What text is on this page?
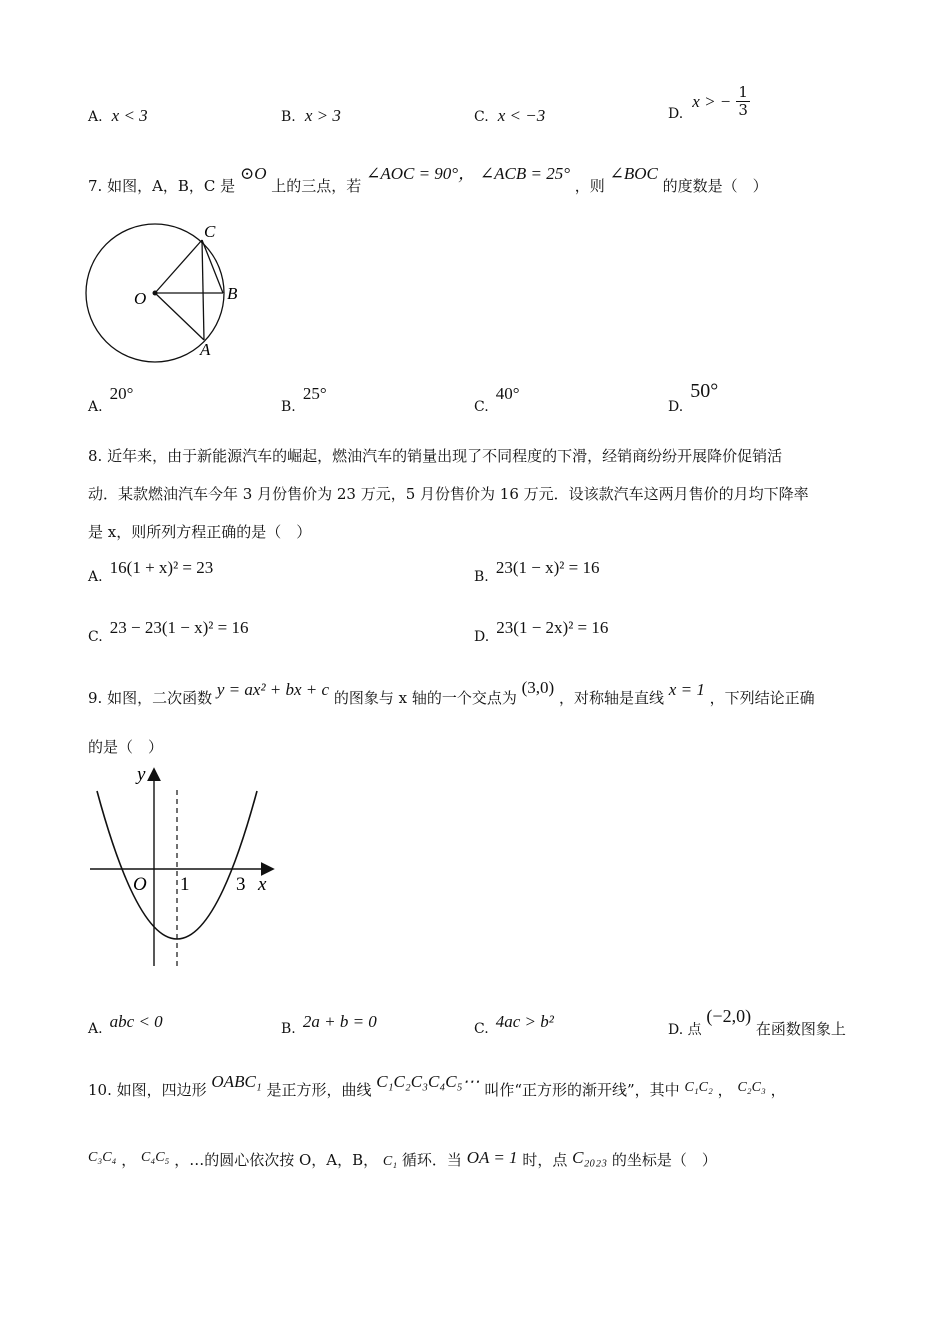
A. x < 3	B. x > 3	C. x < −3	D. x > − $\frac{1}{3}$
7. 如图，A，B，C 是 ⊙O 上的三点，若 ∠AOC = 90°， ∠ACB = 25° ，则 ∠BOC 的度数是（　）
C
O	B
A
A. 20°
B. 25°
C. 40°
D. 50°
8. 近年来，由于新能源汽车的崛起，燃油汽车的销量出现了不同程度的下滑，经销商纷纷开展降价促销活
动．某款燃油汽车今年 3 月份售价为 23 万元，5 月份售价为 16 万元．设该款汽车这两月售价的月均下降率
是 x，则所列方程正确的是（　）
A. 16(1 + x)² = 23	B. 23(1 − x)² = 16
C. 23 − 23(1 − x)² = 16	D. 23(1 − 2x)² = 16
9. 如图，二次函数 y = ax² + bx + c 的图象与 x 轴的一个交点为 (3,0) ，对称轴是直线 x = 1 ，下列结论正确
的是（　）
y
O 1 3 x
A. abc < 0	B. 2a + b = 0	C. 4ac > b²	D. 点 (−2,0) 在函数图象上
10. 如图，四边形 OABC₁ 是正方形，曲线 C₁C₂C₃C₄C₅⋯ 叫作“正方形的渐开线”，其中 C₁C₂ ， C₂C₃ ，
C₃C₄ ， C₄C₅ ，…的圆心依次按 O，A，B， C₁ 循环．当 OA = 1 时，点 C₂₀₂₃ 的坐标是（　）
